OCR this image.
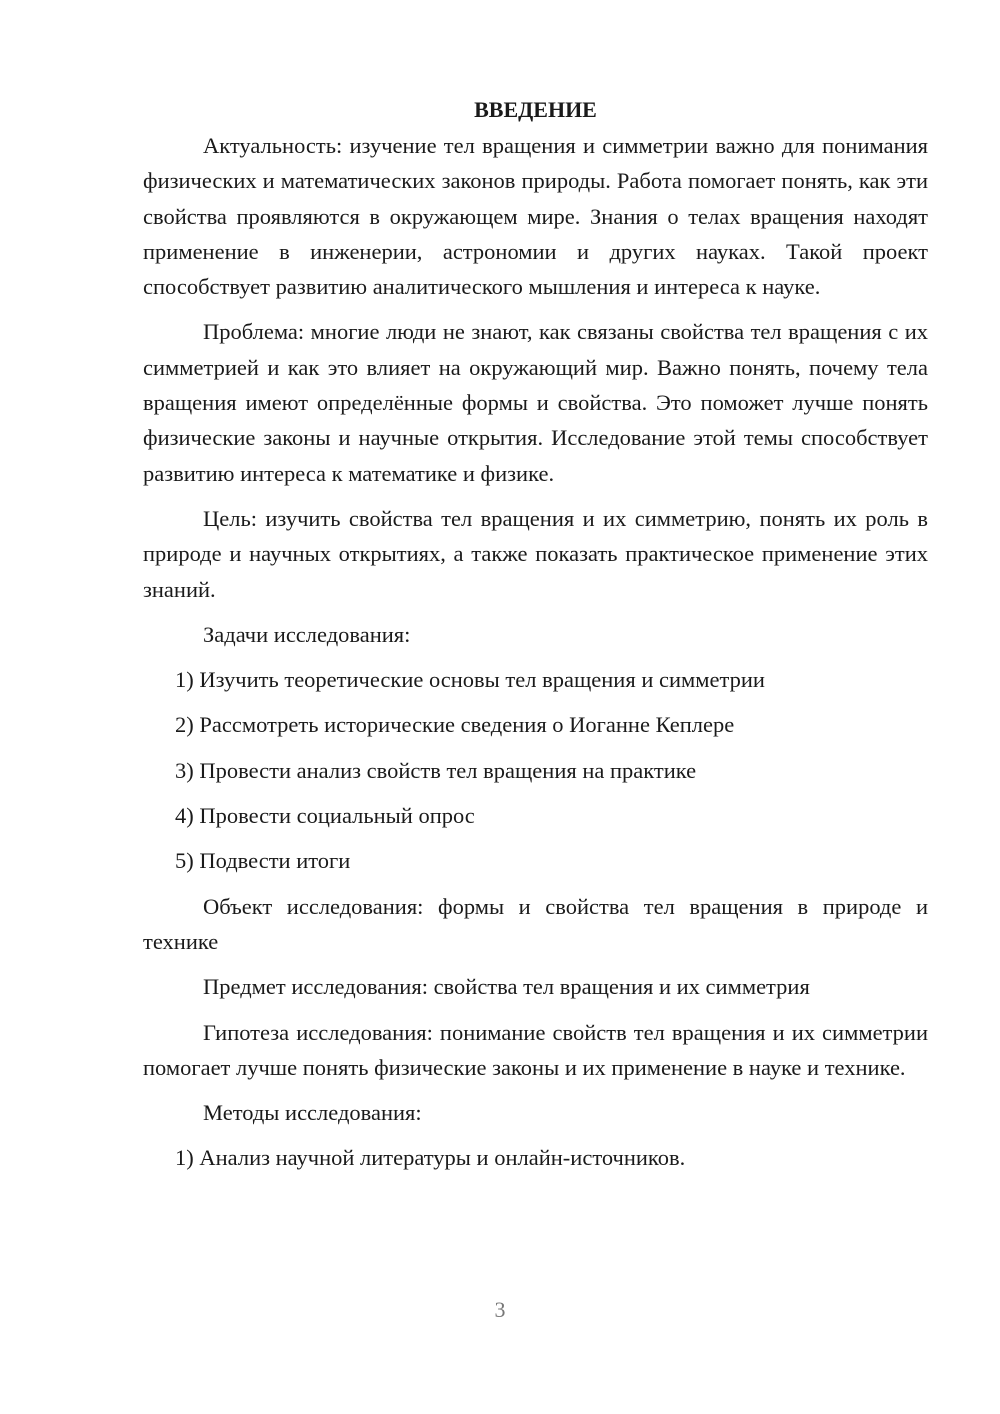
ВВЕДЕНИЕ

Актуальность: изучение тел вращения и симметрии важно для понимания физических и математических законов природы. Работа помогает понять, как эти свойства проявляются в окружающем мире. Знания о телах вращения находят применение в инженерии, астрономии и других науках. Такой проект способствует развитию аналитического мышления и интереса к науке.

Проблема: многие люди не знают, как связаны свойства тел вращения с их симметрией и как это влияет на окружающий мир. Важно понять, почему тела вращения имеют определённые формы и свойства. Это поможет лучше понять физические законы и научные открытия. Исследование этой темы способствует развитию интереса к математике и физике.

Цель: изучить свойства тел вращения и их симметрию, понять их роль в природе и научных открытиях, а также показать практическое применение этих знаний.

Задачи исследования:

1) Изучить теоретические основы тел вращения и симметрии

2) Рассмотреть исторические сведения о Иоганне Кеплере

3) Провести анализ свойств тел вращения на практике

4) Провести социальный опрос

5) Подвести итоги

Объект исследования: формы и свойства тел вращения в природе и технике

Предмет исследования: свойства тел вращения и их симметрия

Гипотеза исследования: понимание свойств тел вращения и их симметрии помогает лучше понять физические законы и их применение в науке и технике.

Методы исследования:

1) Анализ научной литературы и онлайн-источников.

3
